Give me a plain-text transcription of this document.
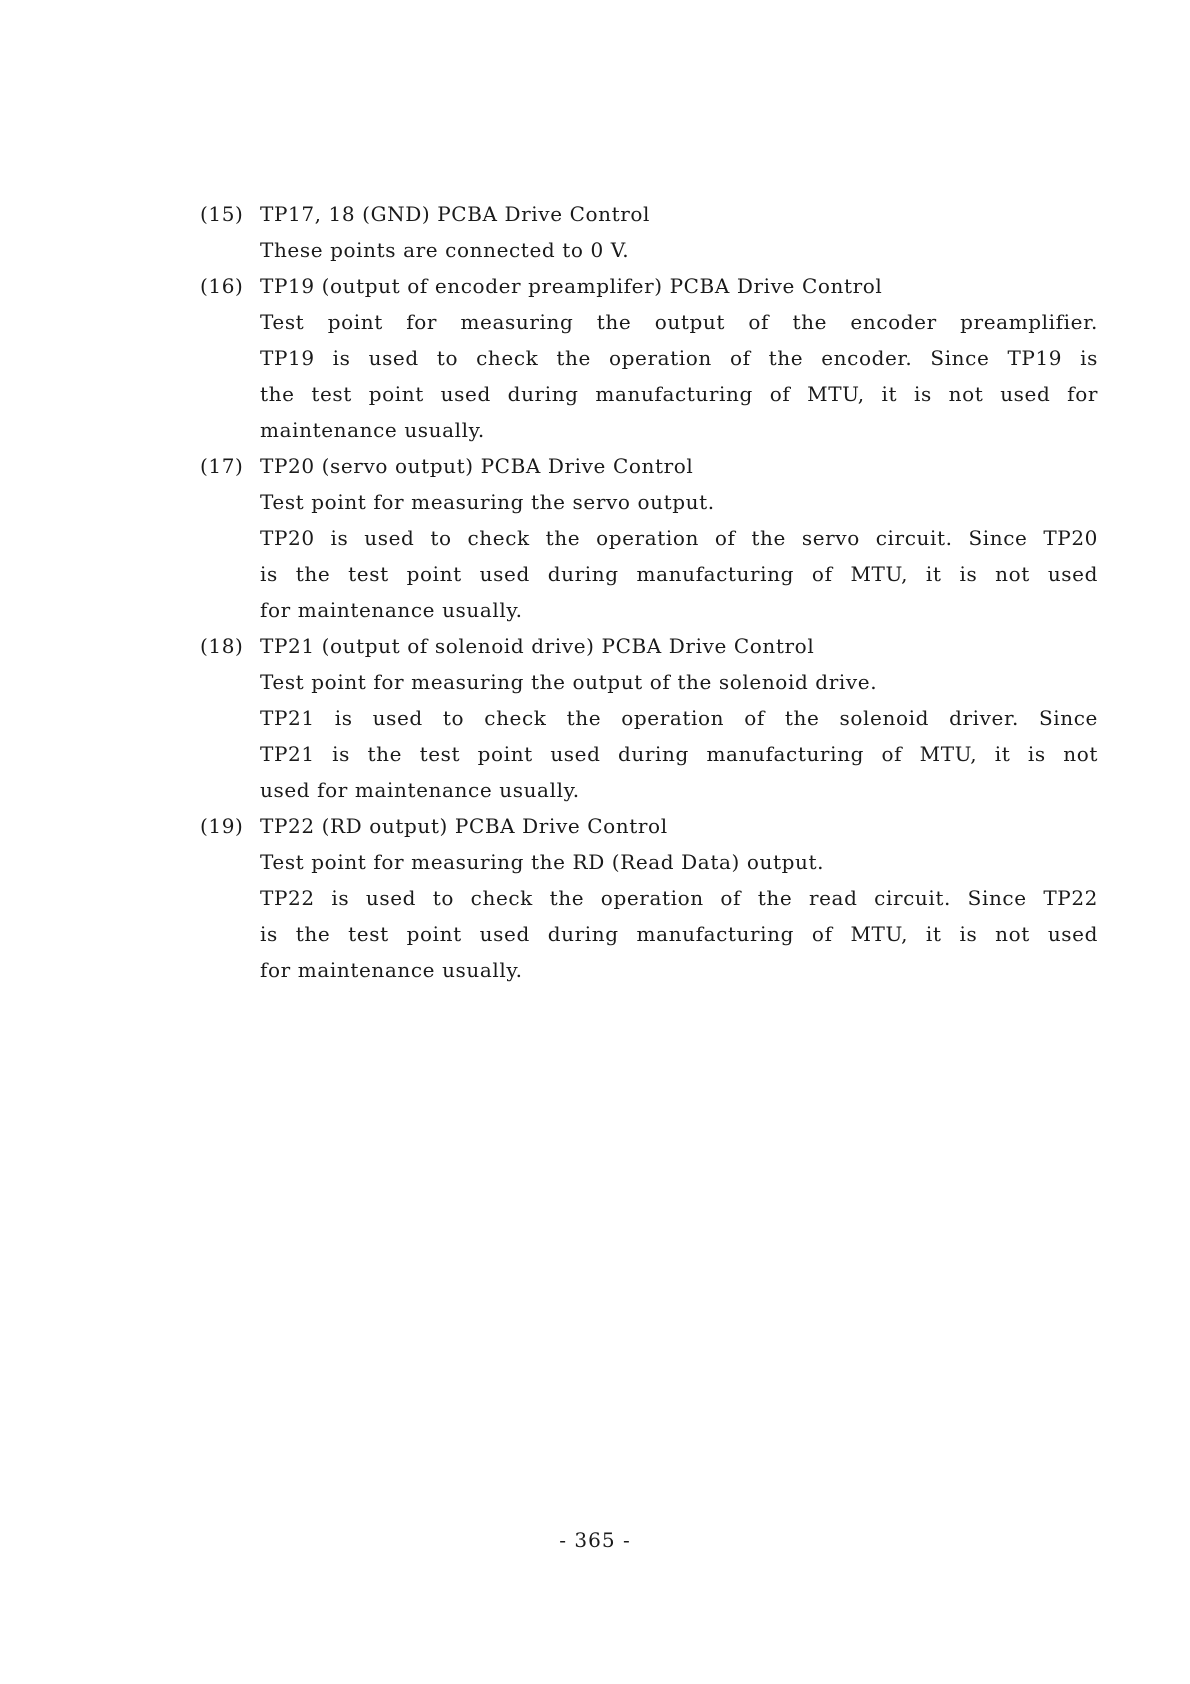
(15) TP17, 18 (GND) PCBA Drive Control
These points are connected to 0 V.
(16) TP19 (output of encoder preamplifer) PCBA Drive Control
Test point for measuring the output of the encoder preamplifier.
TP19 is used to check the operation of the encoder. Since TP19 is
the test point used during manufacturing of MTU, it is not used for
maintenance usually.
(17) TP20 (servo output) PCBA Drive Control
Test point for measuring the servo output.
TP20 is used to check the operation of the servo circuit. Since TP20
is the test point used during manufacturing of MTU, it is not used
for maintenance usually.
(18) TP21 (output of solenoid drive) PCBA Drive Control
Test point for measuring the output of the solenoid drive.
TP21 is used to check the operation of the solenoid driver. Since
TP21 is the test point used during manufacturing of MTU, it is not
used for maintenance usually.
(19) TP22 (RD output) PCBA Drive Control
Test point for measuring the RD (Read Data) output.
TP22 is used to check the operation of the read circuit. Since TP22
is the test point used during manufacturing of MTU, it is not used
for maintenance usually.
- 365 -
